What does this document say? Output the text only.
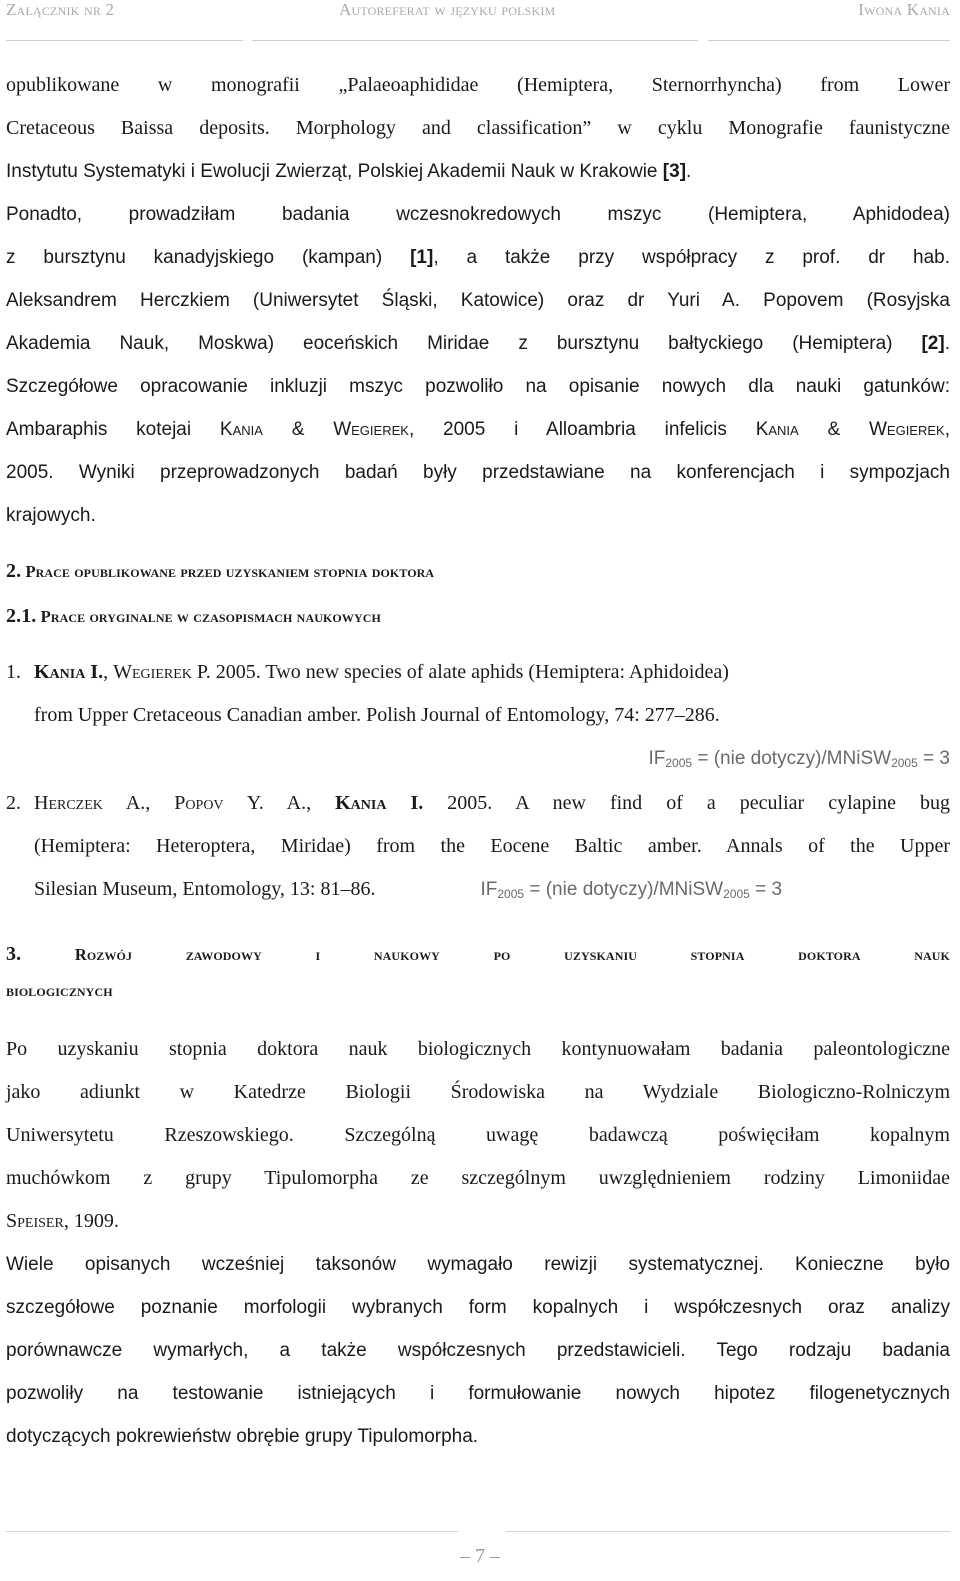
Załącznik nr 2	Autoreferat w języku polskim	Iwona Kania

opublikowane w monografii „Palaeoaphididae (Hemiptera, Sternorrhyncha) from Lower

Cretaceous Baissa deposits. Morphology and classification” w cyklu Monografie faunistyczne

Instytutu Systematyki i Ewolucji Zwierząt, Polskiej Akademii Nauk w Krakowie [3].

Ponadto, prowadziłam badania wczesnokredowych mszyc (Hemiptera, Aphidodea)

z bursztynu kanadyjskiego (kampan) [1], a także przy współpracy z prof. dr hab.

Aleksandrem Herczkiem (Uniwersytet Śląski, Katowice) oraz dr Yuri A. Popovem (Rosyjska

Akademia Nauk, Moskwa) eoceńskich Miridae z bursztynu bałtyckiego (Hemiptera) [2].

Szczegółowe opracowanie inkluzji mszyc pozwoliło na opisanie nowych dla nauki gatunków:

Ambaraphis kotejai Kania & Wegierek, 2005 i Alloambria infelicis Kania & Wegierek,

2005. Wyniki przeprowadzonych badań były przedstawiane na konferencjach i sympozjach

krajowych.

2. Prace opublikowane przed uzyskaniem stopnia doktora

2.1. Prace oryginalne w czasopismach naukowych

1. Kania I., Wegierek P. 2005. Two new species of alate aphids (Hemiptera: Aphidoidea)

from Upper Cretaceous Canadian amber. Polish Journal of Entomology, 74: 277–286.

$IF_{2005} = (nie$ dotyczy)/MNiSW$_{2005}$ = 3

2. Herczek A., Popov Y. A., Kania I. 2005. A new find of a peculiar cylapine bug

(Hemiptera: Heteroptera, Miridae) from the Eocene Baltic amber. Annals of the Upper

Silesian Museum, Entomology, 13: 81–86.	$IF_{2005} = (nie$ dotyczy)/MNiSW$_{2005}$ = 3

3.	Rozwój zawodowy i naukowy po uzyskaniu stopnia doktora nauk

biologicznych

Po uzyskaniu stopnia doktora nauk biologicznych kontynuowałam badania paleontologiczne

jako adiunkt w Katedrze Biologii Środowiska na Wydziale Biologiczno-Rolniczym

Uniwersytetu Rzeszowskiego. Szczególną uwagę badawczą poświęciłam kopalnym

muchówkom z grupy Tipulomorpha ze szczególnym uwzględnieniem rodziny Limoniidae

Speiser, 1909.

Wiele opisanych wcześniej taksonów wymagało rewizji systematycznej. Konieczne było

szczegółowe poznanie morfologii wybranych form kopalnych i współczesnych oraz analizy

porównawcze wymarłych, a także współczesnych przedstawicieli. Tego rodzaju badania

pozwoliły na testowanie istniejących i formułowanie nowych hipotez filogenetycznych

dotyczących pokrewieństw obrębie grupy Tipulomorpha.

– 7 –
